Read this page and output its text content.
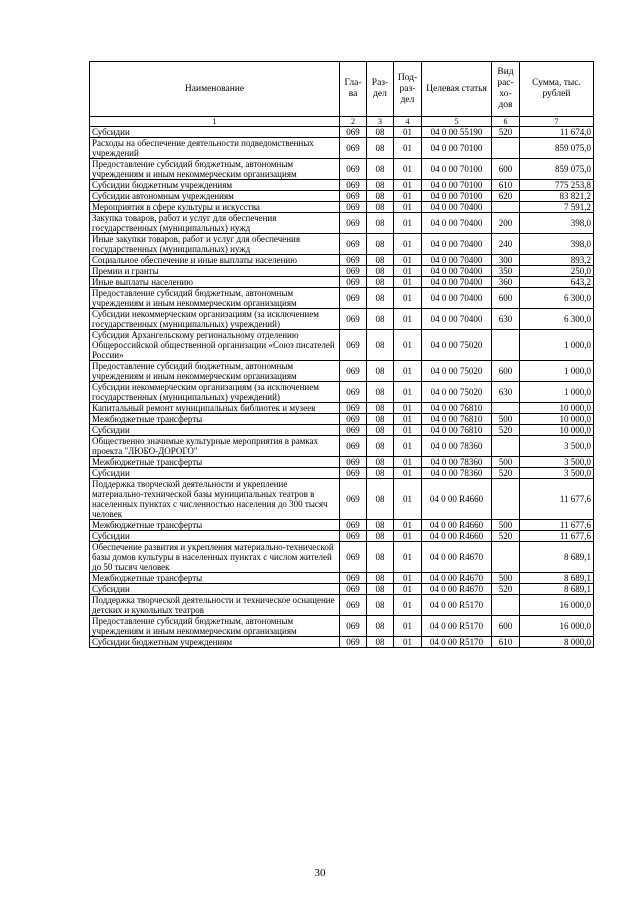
Наименование	Гла-ва	Раз-дел	Под-раз-дел	Целевая статья	Вид рас-хо-дов	Сумма, тыс. рублей
1	2	3	4	5	6	7
Субсидии	069	08	01	04 0 00 55190	520	11 674,0
Расходы на обеспечение деятельности подведомственных учреждений	069	08	01	04 0 00 70100		859 075,0
Предоставление субсидий бюджетным, автономным учреждениям и иным некоммерческим организациям	069	08	01	04 0 00 70100	600	859 075,0
Субсидии бюджетным учреждениям	069	08	01	04 0 00 70100	610	775 253,8
Субсидии автономным учреждениям	069	08	01	04 0 00 70100	620	83 821,2
Мероприятия в сфере культуры и искусства	069	08	01	04 0 00 70400		7 591,2
Закупка товаров, работ и услуг для обеспечения государственных (муниципальных) нужд	069	08	01	04 0 00 70400	200	398,0
Иные закупки товаров, работ и услуг для обеспечения государственных (муниципальных) нужд	069	08	01	04 0 00 70400	240	398,0
Социальное обеспечение и иные выплаты населению	069	08	01	04 0 00 70400	300	893,2
Премии и гранты	069	08	01	04 0 00 70400	350	250,0
Иные выплаты населению	069	08	01	04 0 00 70400	360	643,2
Предоставление субсидий бюджетным, автономным учреждениям и иным некоммерческим организациям	069	08	01	04 0 00 70400	600	6 300,0
Субсидии некоммерческим организациям (за исключением государственных (муниципальных) учреждений)	069	08	01	04 0 00 70400	630	6 300,0
Субсидия Архангельскому региональному отделению Общероссийской общественной организации «Союз писателей России»	069	08	01	04 0 00 75020		1 000,0
Предоставление субсидий бюджетным, автономным учреждениям и иным некоммерческим организациям	069	08	01	04 0 00 75020	600	1 000,0
Субсидии некоммерческим организациям (за исключением государственных (муниципальных) учреждений)	069	08	01	04 0 00 75020	630	1 000,0
Капитальный ремонт муниципальных библиотек и музеев	069	08	01	04 0 00 76810		10 000,0
Межбюджетные трансферты	069	08	01	04 0 00 76810	500	10 000,0
Субсидии	069	08	01	04 0 00 76810	520	10 000,0
Общественно значимые культурные мероприятия в рамках проекта "ЛЮБО-ДОРОГО"	069	08	01	04 0 00 78360		3 500,0
Межбюджетные трансферты	069	08	01	04 0 00 78360	500	3 500,0
Субсидии	069	08	01	04 0 00 78360	520	3 500,0
Поддержка творческой деятельности и укрепление материально-технической базы муниципальных театров в населенных пунктах с численностью населения до 300 тысяч человек	069	08	01	04 0 00 R4660		11 677,6
Межбюджетные трансферты	069	08	01	04 0 00 R4660	500	11 677,6
Субсидии	069	08	01	04 0 00 R4660	520	11 677,6
Обеспечение развития и укрепления материально-технической базы домов культуры в населенных пунктах с числом жителей до 50 тысяч человек	069	08	01	04 0 00 R4670		8 689,1
Межбюджетные трансферты	069	08	01	04 0 00 R4670	500	8 689,1
Субсидии	069	08	01	04 0 00 R4670	520	8 689,1
Поддержка творческой деятельности и техническое оснащение детских и кукольных театров	069	08	01	04 0 00 R5170		16 000,0
Предоставление субсидий бюджетным, автономным учреждениям и иным некоммерческим организациям	069	08	01	04 0 00 R5170	600	16 000,0
Субсидии бюджетным учреждениям	069	08	01	04 0 00 R5170	610	8 000,0
30
